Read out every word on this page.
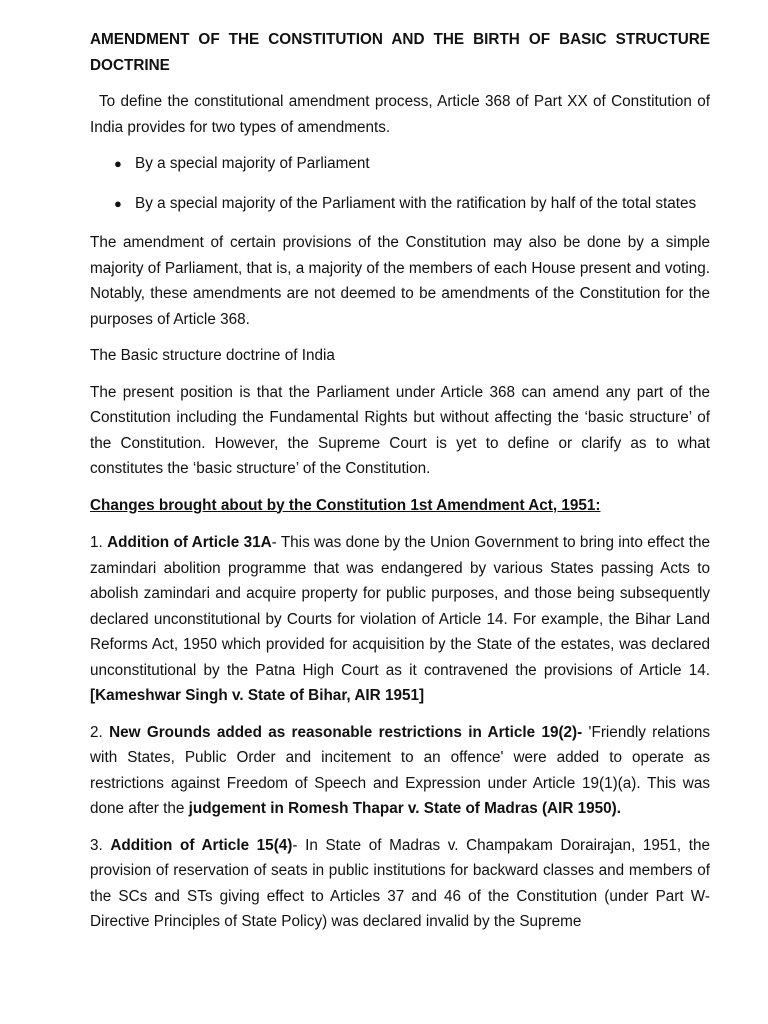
AMENDMENT OF THE CONSTITUTION AND THE BIRTH OF BASIC STRUCTURE DOCTRINE

To define the constitutional amendment process, Article 368 of Part XX of Constitution of India provides for two types of amendments.

● By a special majority of Parliament
● By a special majority of the Parliament with the ratification by half of the total states

The amendment of certain provisions of the Constitution may also be done by a simple majority of Parliament, that is, a majority of the members of each House present and voting. Notably, these amendments are not deemed to be amendments of the Constitution for the purposes of Article 368.

The Basic structure doctrine of India

The present position is that the Parliament under Article 368 can amend any part of the Constitution including the Fundamental Rights but without affecting the ‘basic structure’ of the Constitution. However, the Supreme Court is yet to define or clarify as to what constitutes the ‘basic structure’ of the Constitution.

Changes brought about by the Constitution 1st Amendment Act, 1951:

1. Addition of Article 31A- This was done by the Union Government to bring into effect the zamindari abolition programme that was endangered by various States passing Acts to abolish zamindari and acquire property for public purposes, and those being subsequently declared unconstitutional by Courts for violation of Article 14. For example, the Bihar Land Reforms Act, 1950 which provided for acquisition by the State of the estates, was declared unconstitutional by the Patna High Court as it contravened the provisions of Article 14. [Kameshwar Singh v. State of Bihar, AIR 1951]

2. New Grounds added as reasonable restrictions in Article 19(2)- 'Friendly relations with States, Public Order and incitement to an offence' were added to operate as restrictions against Freedom of Speech and Expression under Article 19(1)(a). This was done after the judgement in Romesh Thapar v. State of Madras (AIR 1950).

3. Addition of Article 15(4)- In State of Madras v. Champakam Dorairajan, 1951, the provision of reservation of seats in public institutions for backward classes and members of the SCs and STs giving effect to Articles 37 and 46 of the Constitution (under Part W-Directive Principles of State Policy) was declared invalid by the Supreme
